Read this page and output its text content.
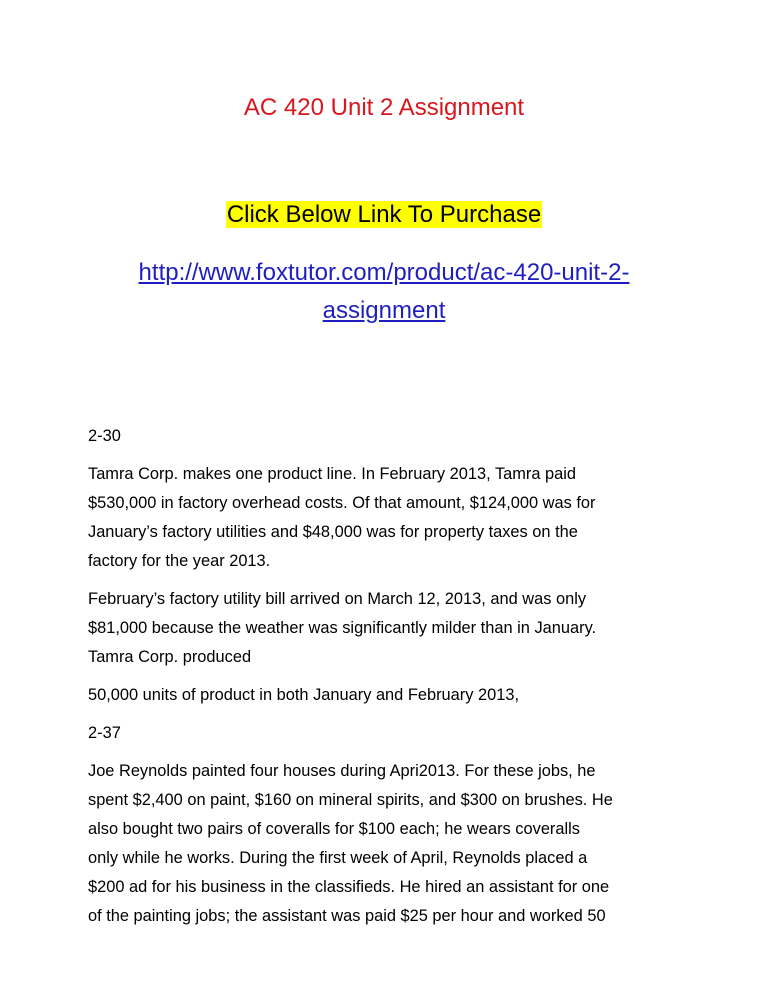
AC 420 Unit 2 Assignment
Click Below Link To Purchase
http://www.foxtutor.com/product/ac-420-unit-2-
assignment
2-30
Tamra Corp. makes one product line. In February 2013, Tamra paid
$530,000 in factory overhead costs. Of that amount, $124,000 was for
January’s factory utilities and $48,000 was for property taxes on the
factory for the year 2013.
February’s factory utility bill arrived on March 12, 2013, and was only
$81,000 because the weather was significantly milder than in January.
Tamra Corp. produced
50,000 units of product in both January and February 2013,
2-37
Joe Reynolds painted four houses during Apri2013. For these jobs, he
spent $2,400 on paint, $160 on mineral spirits, and $300 on brushes. He
also bought two pairs of coveralls for $100 each; he wears coveralls
only while he works. During the first week of April, Reynolds placed a
$200 ad for his business in the classifieds. He hired an assistant for one
of the painting jobs; the assistant was paid $25 per hour and worked 50
